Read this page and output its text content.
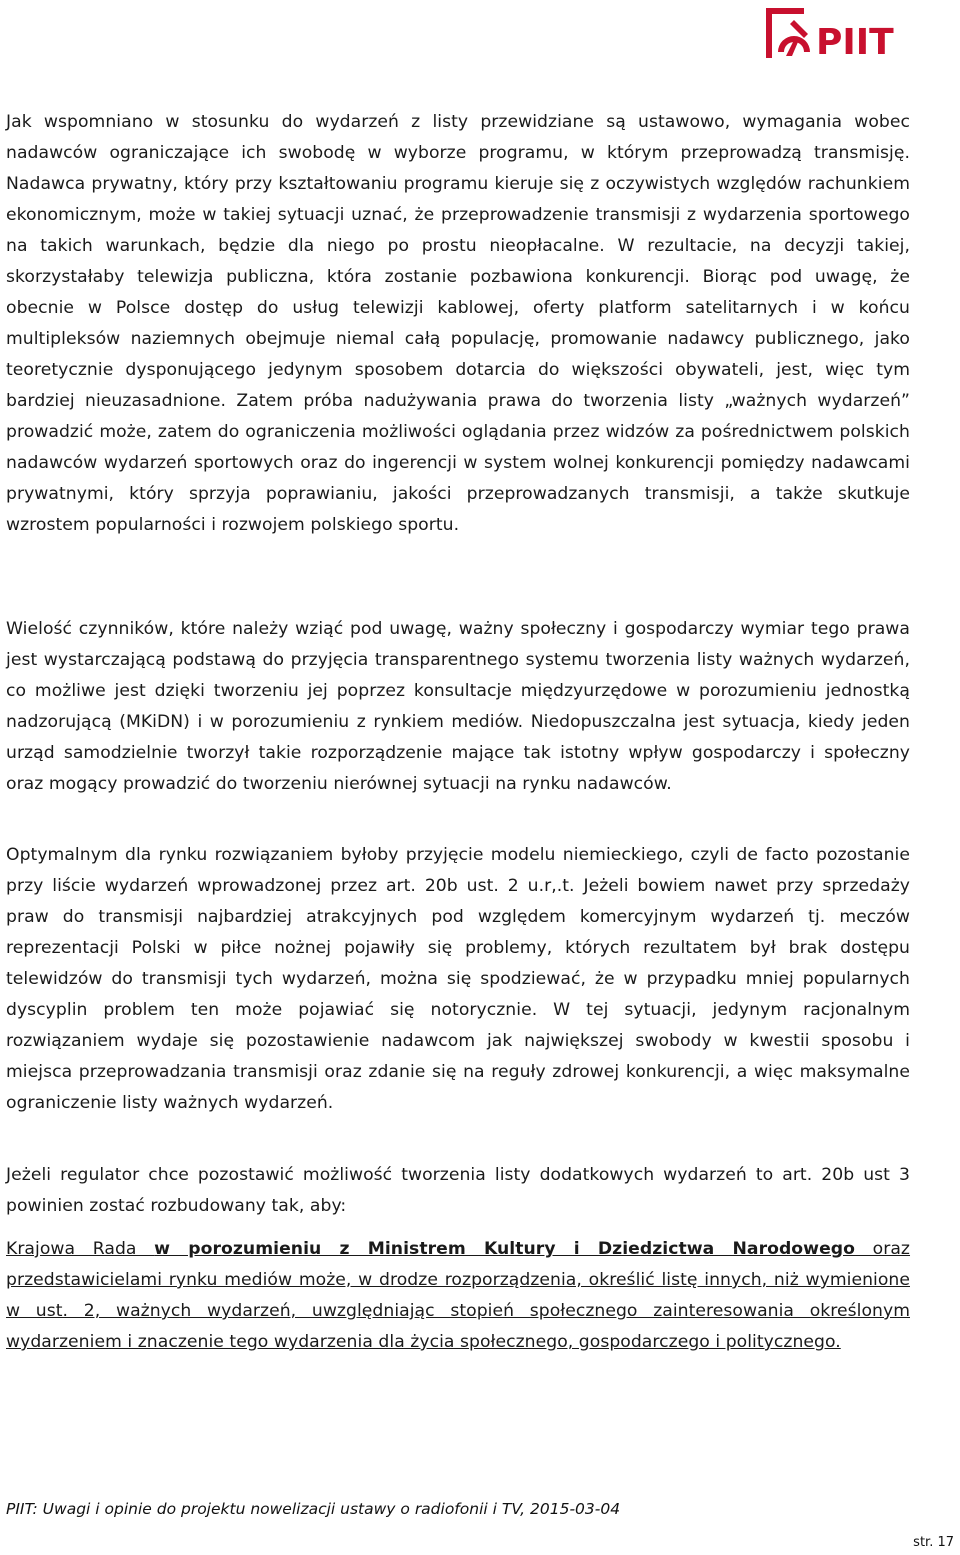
PIIT

Jak wspomniano w stosunku do wydarzeń z listy przewidziane są ustawowo, wymagania wobec nadawców ograniczające ich swobodę w wyborze programu, w którym przeprowadzą transmisję. Nadawca prywatny, który przy kształtowaniu programu kieruje się z oczywistych względów rachunkiem ekonomicznym, może w takiej sytuacji uznać, że przeprowadzenie transmisji z wydarzenia sportowego na takich warunkach, będzie dla niego po prostu nieopłacalne. W rezultacie, na decyzji takiej, skorzystałaby telewizja publiczna, która zostanie pozbawiona konkurencji. Biorąc pod uwagę, że obecnie w Polsce dostęp do usług telewizji kablowej, oferty platform satelitarnych i w końcu multipleksów naziemnych obejmuje niemal całą populację, promowanie nadawcy publicznego, jako teoretycznie dysponującego jedynym sposobem dotarcia do większości obywateli, jest, więc tym bardziej nieuzasadnione. Zatem próba nadużywania prawa do tworzenia listy „ważnych wydarzeń” prowadzić może, zatem do ograniczenia możliwości oglądania przez widzów za pośrednictwem polskich nadawców wydarzeń sportowych oraz do ingerencji w system wolnej konkurencji pomiędzy nadawcami prywatnymi, który sprzyja poprawianiu, jakości przeprowadzanych transmisji, a także skutkuje wzrostem popularności i rozwojem polskiego sportu.

Wielość czynników, które należy wziąć pod uwagę, ważny społeczny i gospodarczy wymiar tego prawa jest wystarczającą podstawą do przyjęcia transparentnego systemu tworzenia listy ważnych wydarzeń, co możliwe jest dzięki tworzeniu jej poprzez konsultacje międzyurzędowe w porozumieniu jednostką nadzorującą (MKiDN) i w porozumieniu z rynkiem mediów. Niedopuszczalna jest sytuacja, kiedy jeden urząd samodzielnie tworzył takie rozporządzenie mające tak istotny wpływ gospodarczy i społeczny oraz mogący prowadzić do tworzeniu nierównej sytuacji na rynku nadawców.

Optymalnym dla rynku rozwiązaniem byłoby przyjęcie modelu niemieckiego, czyli de facto pozostanie przy liście wydarzeń wprowadzonej przez art. 20b ust. 2 u.r,.t. Jeżeli bowiem nawet przy sprzedaży praw do transmisji najbardziej atrakcyjnych pod względem komercyjnym wydarzeń tj. meczów reprezentacji Polski w piłce nożnej pojawiły się problemy, których rezultatem był brak dostępu telewidzów do transmisji tych wydarzeń, można się spodziewać, że w przypadku mniej popularnych dyscyplin problem ten może pojawiać się notorycznie. W tej sytuacji, jedynym racjonalnym rozwiązaniem wydaje się pozostawienie nadawcom jak największej swobody w kwestii sposobu i miejsca przeprowadzania transmisji oraz zdanie się na reguły zdrowej konkurencji, a więc maksymalne ograniczenie listy ważnych wydarzeń.

Jeżeli regulator chce pozostawić możliwość tworzenia listy dodatkowych wydarzeń to art. 20b ust 3 powinien zostać rozbudowany tak, aby:

Krajowa Rada w porozumieniu z Ministrem Kultury i Dziedzictwa Narodowego oraz przedstawicielami rynku mediów może, w drodze rozporządzenia, określić listę innych, niż wymienione w ust. 2, ważnych wydarzeń, uwzględniając stopień społecznego zainteresowania określonym wydarzeniem i znaczenie tego wydarzenia dla życia społecznego, gospodarczego i politycznego.

PIIT: Uwagi i opinie do projektu nowelizacji ustawy o radiofonii i TV, 2015-03-04
str. 17
